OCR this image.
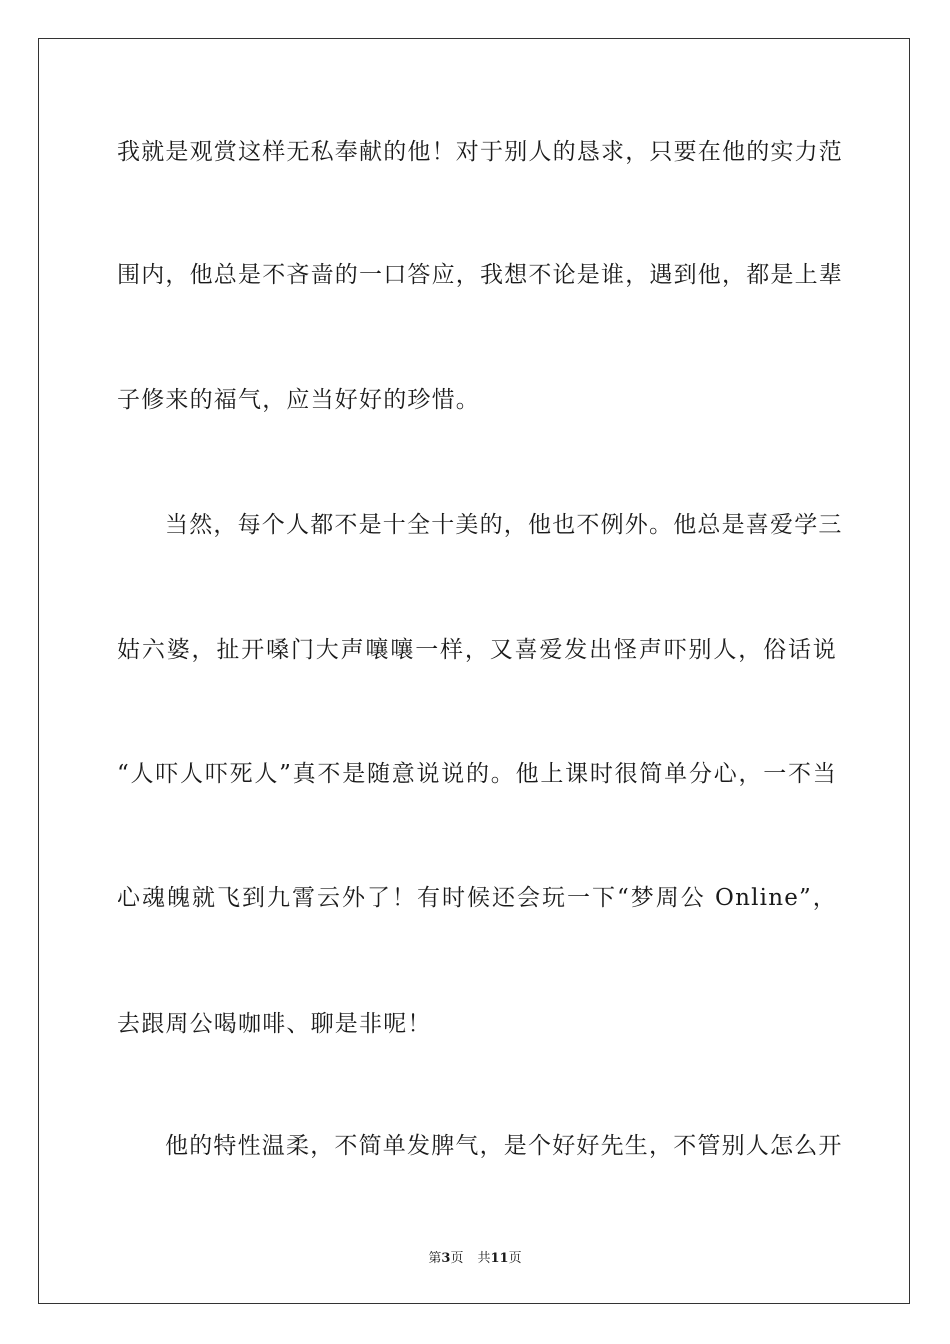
我就是观赏这样无私奉献的他！对于别人的恳求，只要在他的实力范
围内，他总是不吝啬的一口答应，我想不论是谁，遇到他，都是上辈
子修来的福气，应当好好的珍惜。
当然，每个人都不是十全十美的，他也不例外。他总是喜爱学三
姑六婆，扯开嗓门大声嚷嚷一样，又喜爱发出怪声吓别人，俗话说
“人吓人吓死人”真不是随意说说的。他上课时很简单分心，一不当
心魂魄就飞到九霄云外了！有时候还会玩一下“梦周公 Online”，
去跟周公喝咖啡、聊是非呢！
他的特性温柔，不简单发脾气，是个好好先生，不管别人怎么开
第3页 共11页
